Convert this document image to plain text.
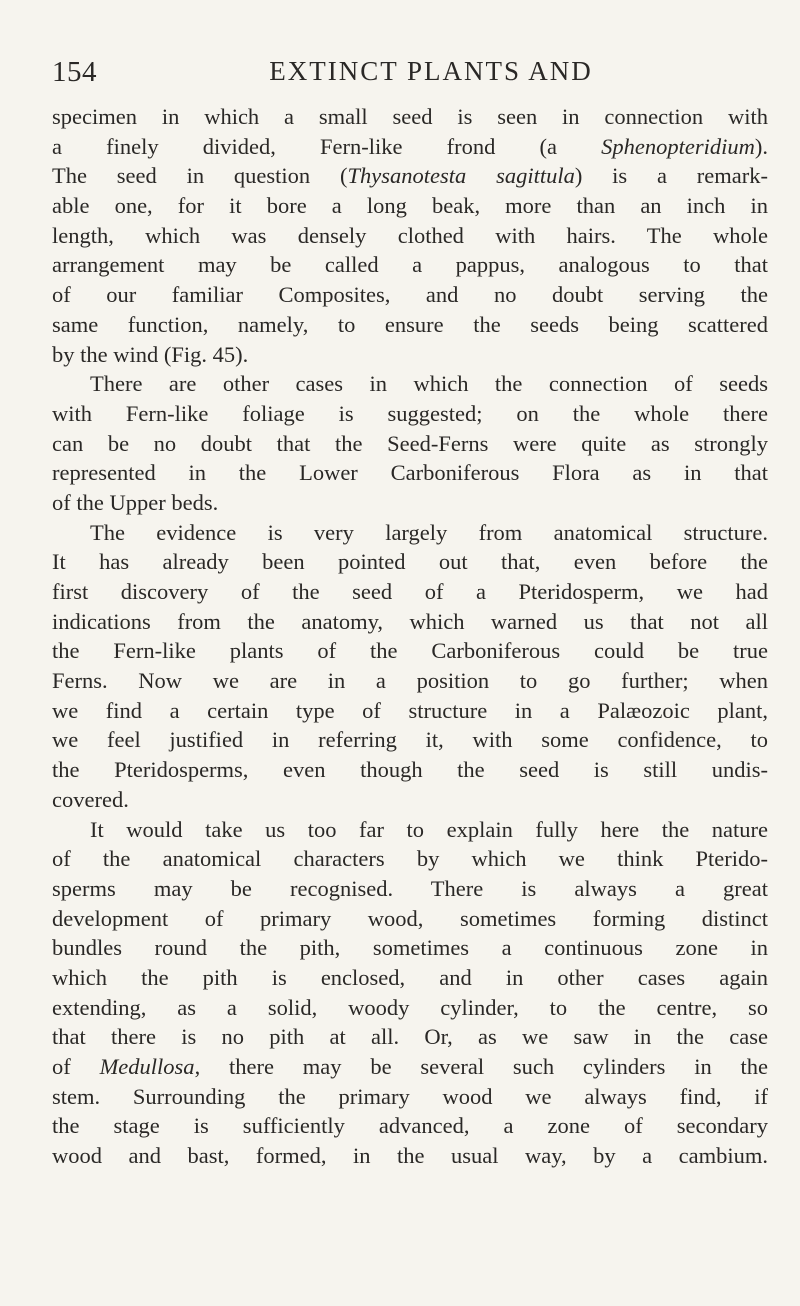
154	EXTINCT PLANTS AND
specimen in which a small seed is seen in connection with
a finely divided, Fern-like frond (a Sphenopteridium).
The seed in question (Thysanotesta sagittula) is a remark-
able one, for it bore a long beak, more than an inch in
length, which was densely clothed with hairs. The whole
arrangement may be called a pappus, analogous to that
of our familiar Composites, and no doubt serving the
same function, namely, to ensure the seeds being scattered
by the wind (Fig. 45).
There are other cases in which the connection of seeds
with Fern-like foliage is suggested; on the whole there
can be no doubt that the Seed-Ferns were quite as strongly
represented in the Lower Carboniferous Flora as in that
of the Upper beds.
The evidence is very largely from anatomical structure.
It has already been pointed out that, even before the
first discovery of the seed of a Pteridosperm, we had
indications from the anatomy, which warned us that not all
the Fern-like plants of the Carboniferous could be true
Ferns. Now we are in a position to go further; when
we find a certain type of structure in a Palæozoic plant,
we feel justified in referring it, with some confidence, to
the Pteridosperms, even though the seed is still undis-
covered.
It would take us too far to explain fully here the nature
of the anatomical characters by which we think Pterido-
sperms may be recognised. There is always a great
development of primary wood, sometimes forming distinct
bundles round the pith, sometimes a continuous zone in
which the pith is enclosed, and in other cases again
extending, as a solid, woody cylinder, to the centre, so
that there is no pith at all. Or, as we saw in the case
of Medullosa, there may be several such cylinders in the
stem. Surrounding the primary wood we always find, if
the stage is sufficiently advanced, a zone of secondary
wood and bast, formed, in the usual way, by a cambium.
